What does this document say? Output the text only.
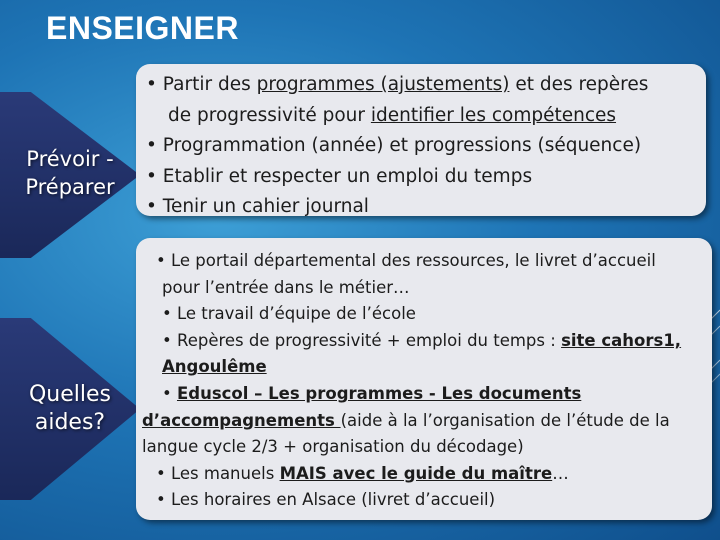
ENSEIGNER
Prévoir -
Préparer
• Partir des programmes (ajustements) et des repères
de progressivité pour identifier les compétences
• Programmation (année) et progressions (séquence)
• Etablir et respecter un emploi du temps
• Tenir un cahier journal
Quelles
aides?
• Le portail départemental des ressources, le livret d’accueil
pour l’entrée dans le métier…
• Le travail d’équipe de l’école
• Repères de progressivité + emploi du temps : site cahors1,
Angoulême
• Eduscol – Les programmes - Les documents
d’accompagnements (aide à la l’organisation de l’étude de la
langue cycle 2/3 + organisation du décodage)
• Les manuels MAIS avec le guide du maître…
• Les horaires en Alsace (livret d’accueil)
